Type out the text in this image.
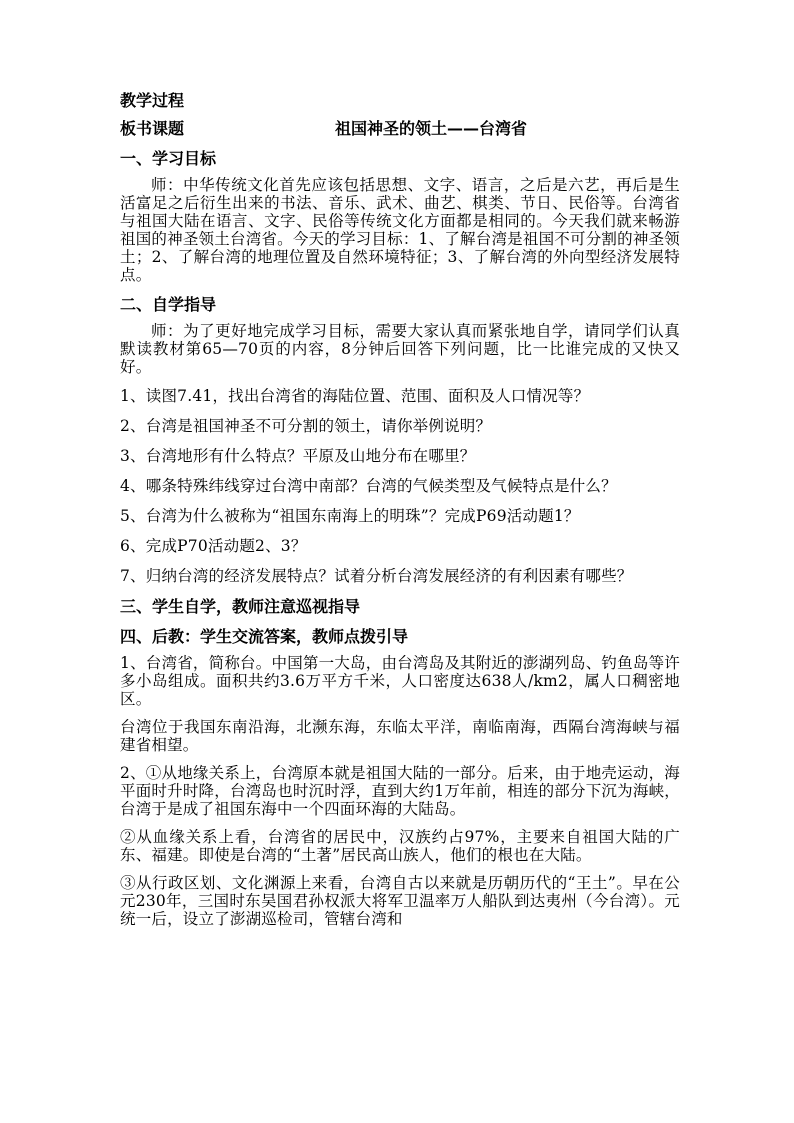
教学过程
板书课题	祖国神圣的领土——台湾省
一、学习目标

师：中华传统文化首先应该包括思想、文字、语言，之后是六艺，再后是生活富足之后衍生出来的书法、音乐、武术、曲艺、棋类、节日、民俗等。台湾省与祖国大陆在语言、文字、民俗等传统文化方面都是相同的。今天我们就来畅游祖国的神圣领土台湾省。今天的学习目标：1、了解台湾是祖国不可分割的神圣领土；2、了解台湾的地理位置及自然环境特征；3、了解台湾的外向型经济发展特点。

二、自学指导

师：为了更好地完成学习目标，需要大家认真而紧张地自学，请同学们认真默读教材第65—70页的内容，8分钟后回答下列问题，比一比谁完成的又快又好。

1、读图7.41，找出台湾省的海陆位置、范围、面积及人口情况等？

2、台湾是祖国神圣不可分割的领土，请你举例说明？

3、台湾地形有什么特点？平原及山地分布在哪里？

4、哪条特殊纬线穿过台湾中南部？台湾的气候类型及气候特点是什么？

5、台湾为什么被称为“祖国东南海上的明珠”？完成P69活动题1？

6、完成P70活动题2、3？

7、归纳台湾的经济发展特点？试着分析台湾发展经济的有利因素有哪些？

三、学生自学，教师注意巡视指导
四、后教：学生交流答案，教师点拨引导

1、台湾省，简称台。中国第一大岛，由台湾岛及其附近的澎湖列岛、钓鱼岛等许多小岛组成。面积共约3.6万平方千米，人口密度达638人/km2，属人口稠密地区。

台湾位于我国东南沿海，北濒东海，东临太平洋，南临南海，西隔台湾海峡与福建省相望。

2、①从地缘关系上，台湾原本就是祖国大陆的一部分。后来，由于地壳运动，海平面时升时降，台湾岛也时沉时浮，直到大约1万年前，相连的部分下沉为海峡，台湾于是成了祖国东海中一个四面环海的大陆岛。

②从血缘关系上看，台湾省的居民中，汉族约占97%，主要来自祖国大陆的广东、福建。即使是台湾的“土著”居民高山族人，他们的根也在大陆。

③从行政区划、文化渊源上来看，台湾自古以来就是历朝历代的“王土”。早在公元230年，三国时东吴国君孙权派大将军卫温率万人船队到达夷州（今台湾）。元统一后，设立了澎湖巡检司，管辖台湾和
